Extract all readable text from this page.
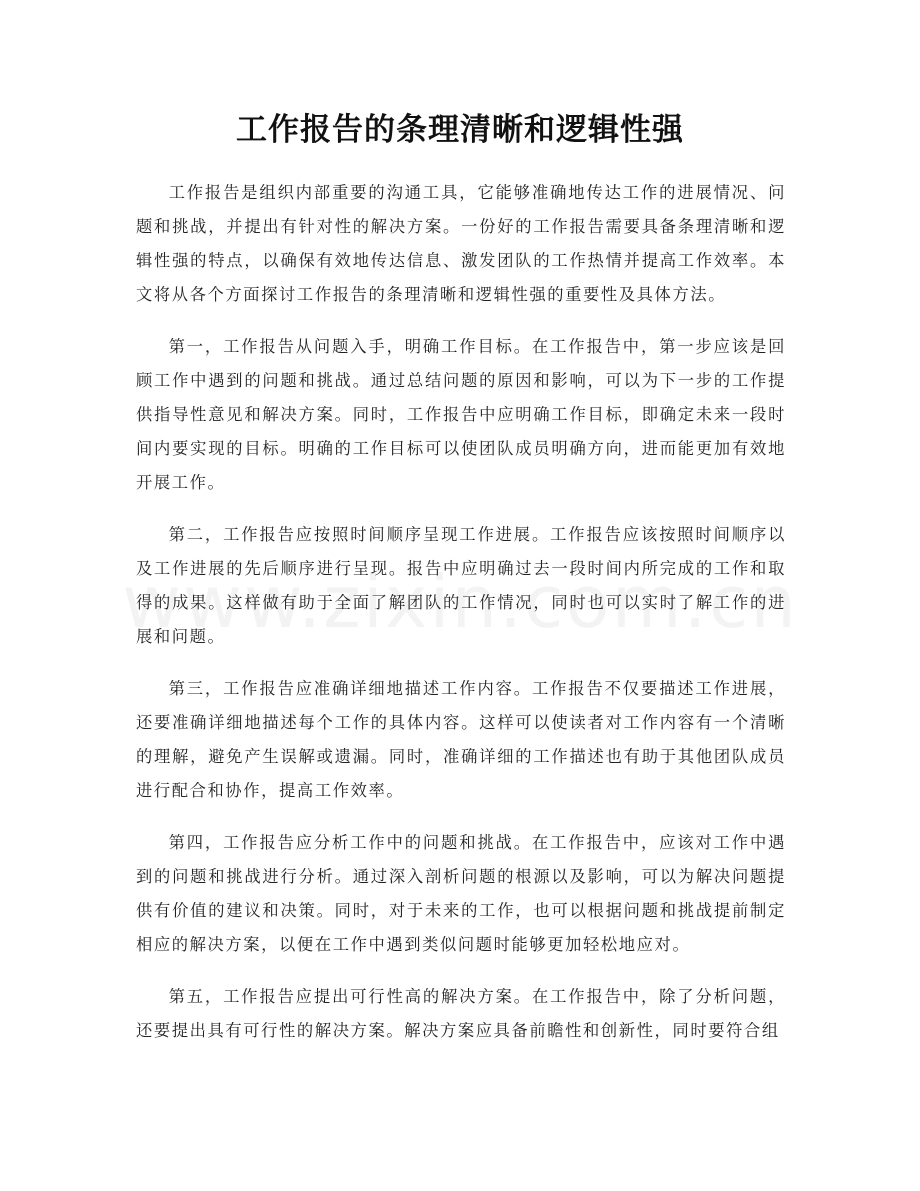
工作报告的条理清晰和逻辑性强

工作报告是组织内部重要的沟通工具，它能够准确地传达工作的进展情况、问题和挑战，并提出有针对性的解决方案。一份好的工作报告需要具备条理清晰和逻辑性强的特点，以确保有效地传达信息、激发团队的工作热情并提高工作效率。本文将从各个方面探讨工作报告的条理清晰和逻辑性强的重要性及具体方法。

第一，工作报告从问题入手，明确工作目标。在工作报告中，第一步应该是回顾工作中遇到的问题和挑战。通过总结问题的原因和影响，可以为下一步的工作提供指导性意见和解决方案。同时，工作报告中应明确工作目标，即确定未来一段时间内要实现的目标。明确的工作目标可以使团队成员明确方向，进而能更加有效地开展工作。

第二，工作报告应按照时间顺序呈现工作进展。工作报告应该按照时间顺序以及工作进展的先后顺序进行呈现。报告中应明确过去一段时间内所完成的工作和取得的成果。这样做有助于全面了解团队的工作情况，同时也可以实时了解工作的进展和问题。

第三，工作报告应准确详细地描述工作内容。工作报告不仅要描述工作进展，还要准确详细地描述每个工作的具体内容。这样可以使读者对工作内容有一个清晰的理解，避免产生误解或遗漏。同时，准确详细的工作描述也有助于其他团队成员进行配合和协作，提高工作效率。

第四，工作报告应分析工作中的问题和挑战。在工作报告中，应该对工作中遇到的问题和挑战进行分析。通过深入剖析问题的根源以及影响，可以为解决问题提供有价值的建议和决策。同时，对于未来的工作，也可以根据问题和挑战提前制定相应的解决方案，以便在工作中遇到类似问题时能够更加轻松地应对。

第五，工作报告应提出可行性高的解决方案。在工作报告中，除了分析问题，还要提出具有可行性的解决方案。解决方案应具备前瞻性和创新性，同时要符合组
